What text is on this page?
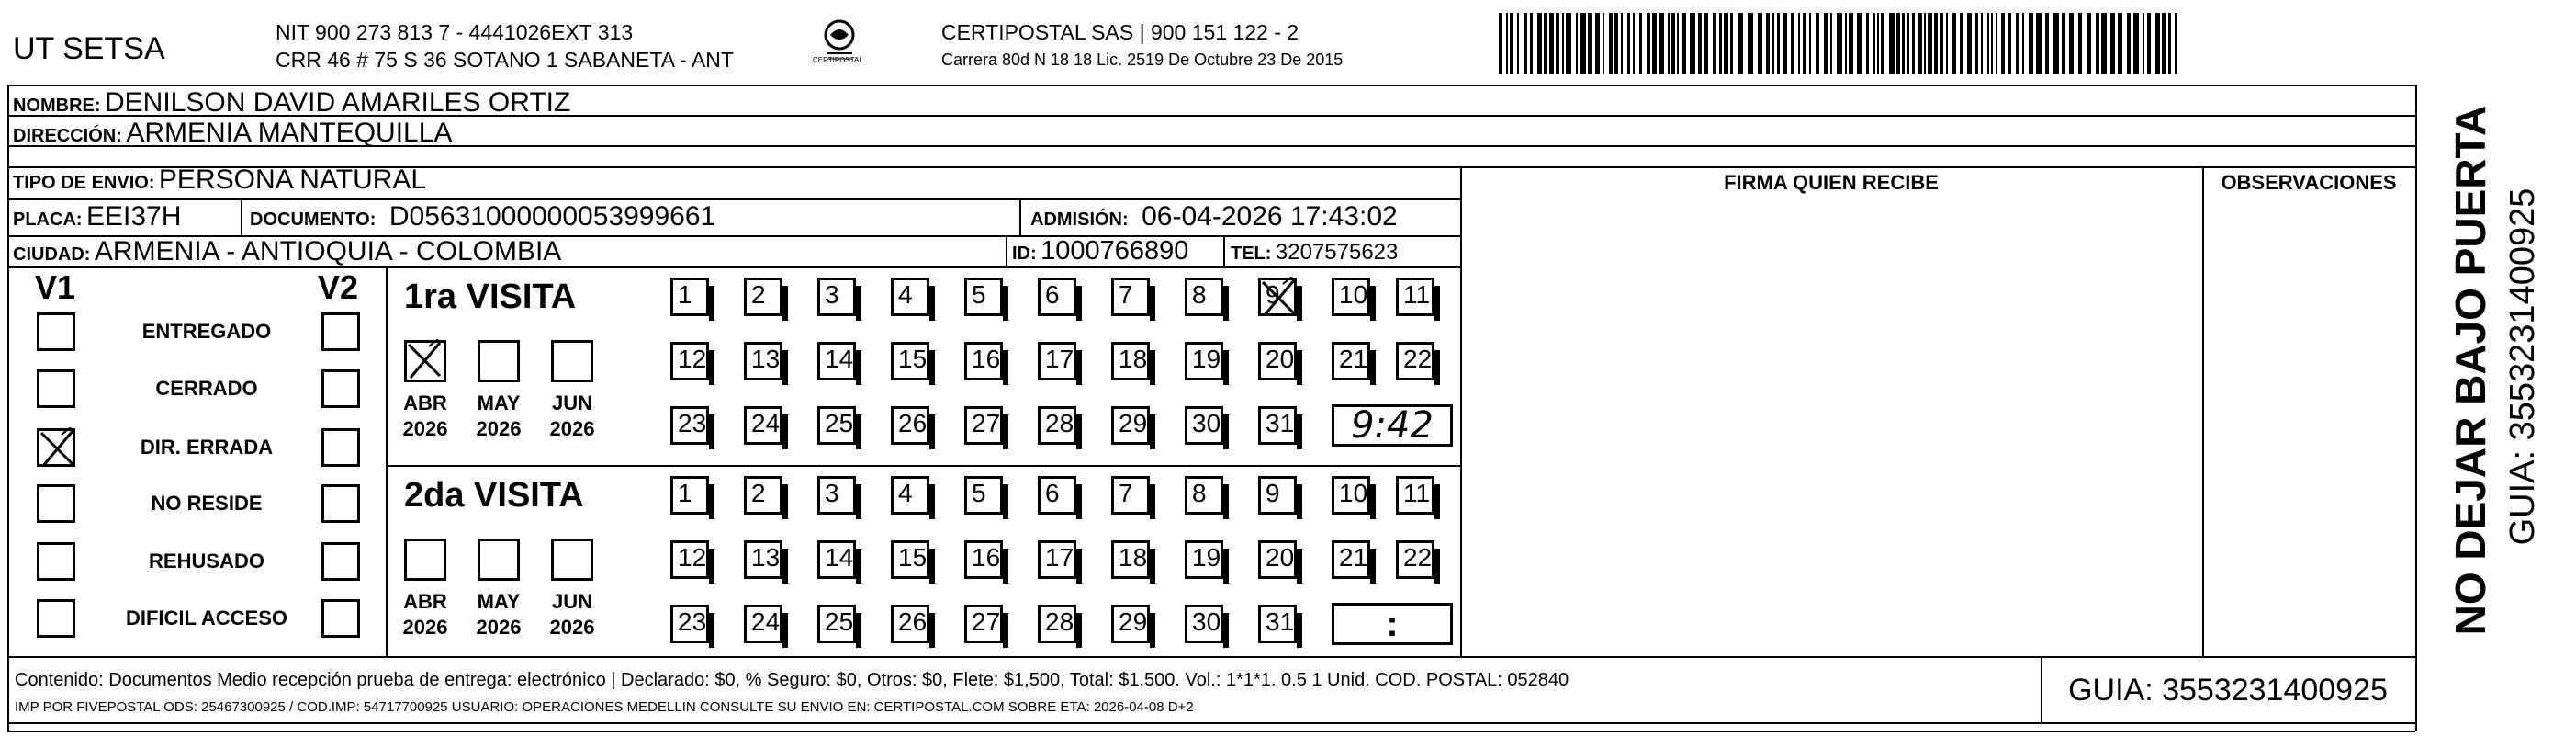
UT SETSA	NIT 900 273 813 7 - 4441026EXT 313
CRR 46 # 75 S 36 SOTANO 1 SABANETA - ANT	CERTIPOSTAL
CERTIPOSTAL SAS | 900 151 122 - 2
Carrera 80d N 18 18 Lic. 2519 De Octubre 23 De 2015
NOMBRE: DENILSON DAVID AMARILES ORTIZ
DIRECCIÓN: ARMENIA MANTEQUILLA
TIPO DE ENVIO: PERSONA NATURAL
PLACA: EEI37H	DOCUMENTO: D05631000000053999661	ADMISIÓN: 06-04-2026 17:43:02
CIUDAD: ARMENIA - ANTIOQUIA - COLOMBIA	ID: 1000766890 TEL: 3207575623
FIRMA QUIEN RECIBE	OBSERVACIONES
V1	V2
ENTREGADO
CERRADO
DIR. ERRADA
NO RESIDE
REHUSADO
DIFICIL ACCESO
1ra VISITA
ABR
2026
MAY
2026
JUN
2026
1	2	3	4	5	6	7	8	9	10 11
12 13 14 15 16 17 18 19 20 21 22
23 24 25 26 27 28 29 30 31	9:42
2da VISITA
ABR
2026
MAY
2026
JUN
2026
1	2	3	4	5	6	7	8	9	10 11
12 13 14 15 16 17 18 19 20 21 22
23 24 25 26 27 28 29 30 31	:
Contenido: Documentos Medio recepción prueba de entrega: electrónico | Declarado: $0, % Seguro: $0, Otros: $0, Flete: $1,500, Total: $1,500. Vol.: 1*1*1. 0.5 1 Unid. COD. POSTAL: 052840
IMP POR FIVEPOSTAL ODS: 25467300925 / COD.IMP: 54717700925 USUARIO: OPERACIONES MEDELLIN CONSULTE SU ENVIO EN: CERTIPOSTAL.COM SOBRE ETA: 2026-04-08 D+2	GUIA: 3553231400925
NO DEJAR BAJO PUERTA GUIA: 3553231400925
